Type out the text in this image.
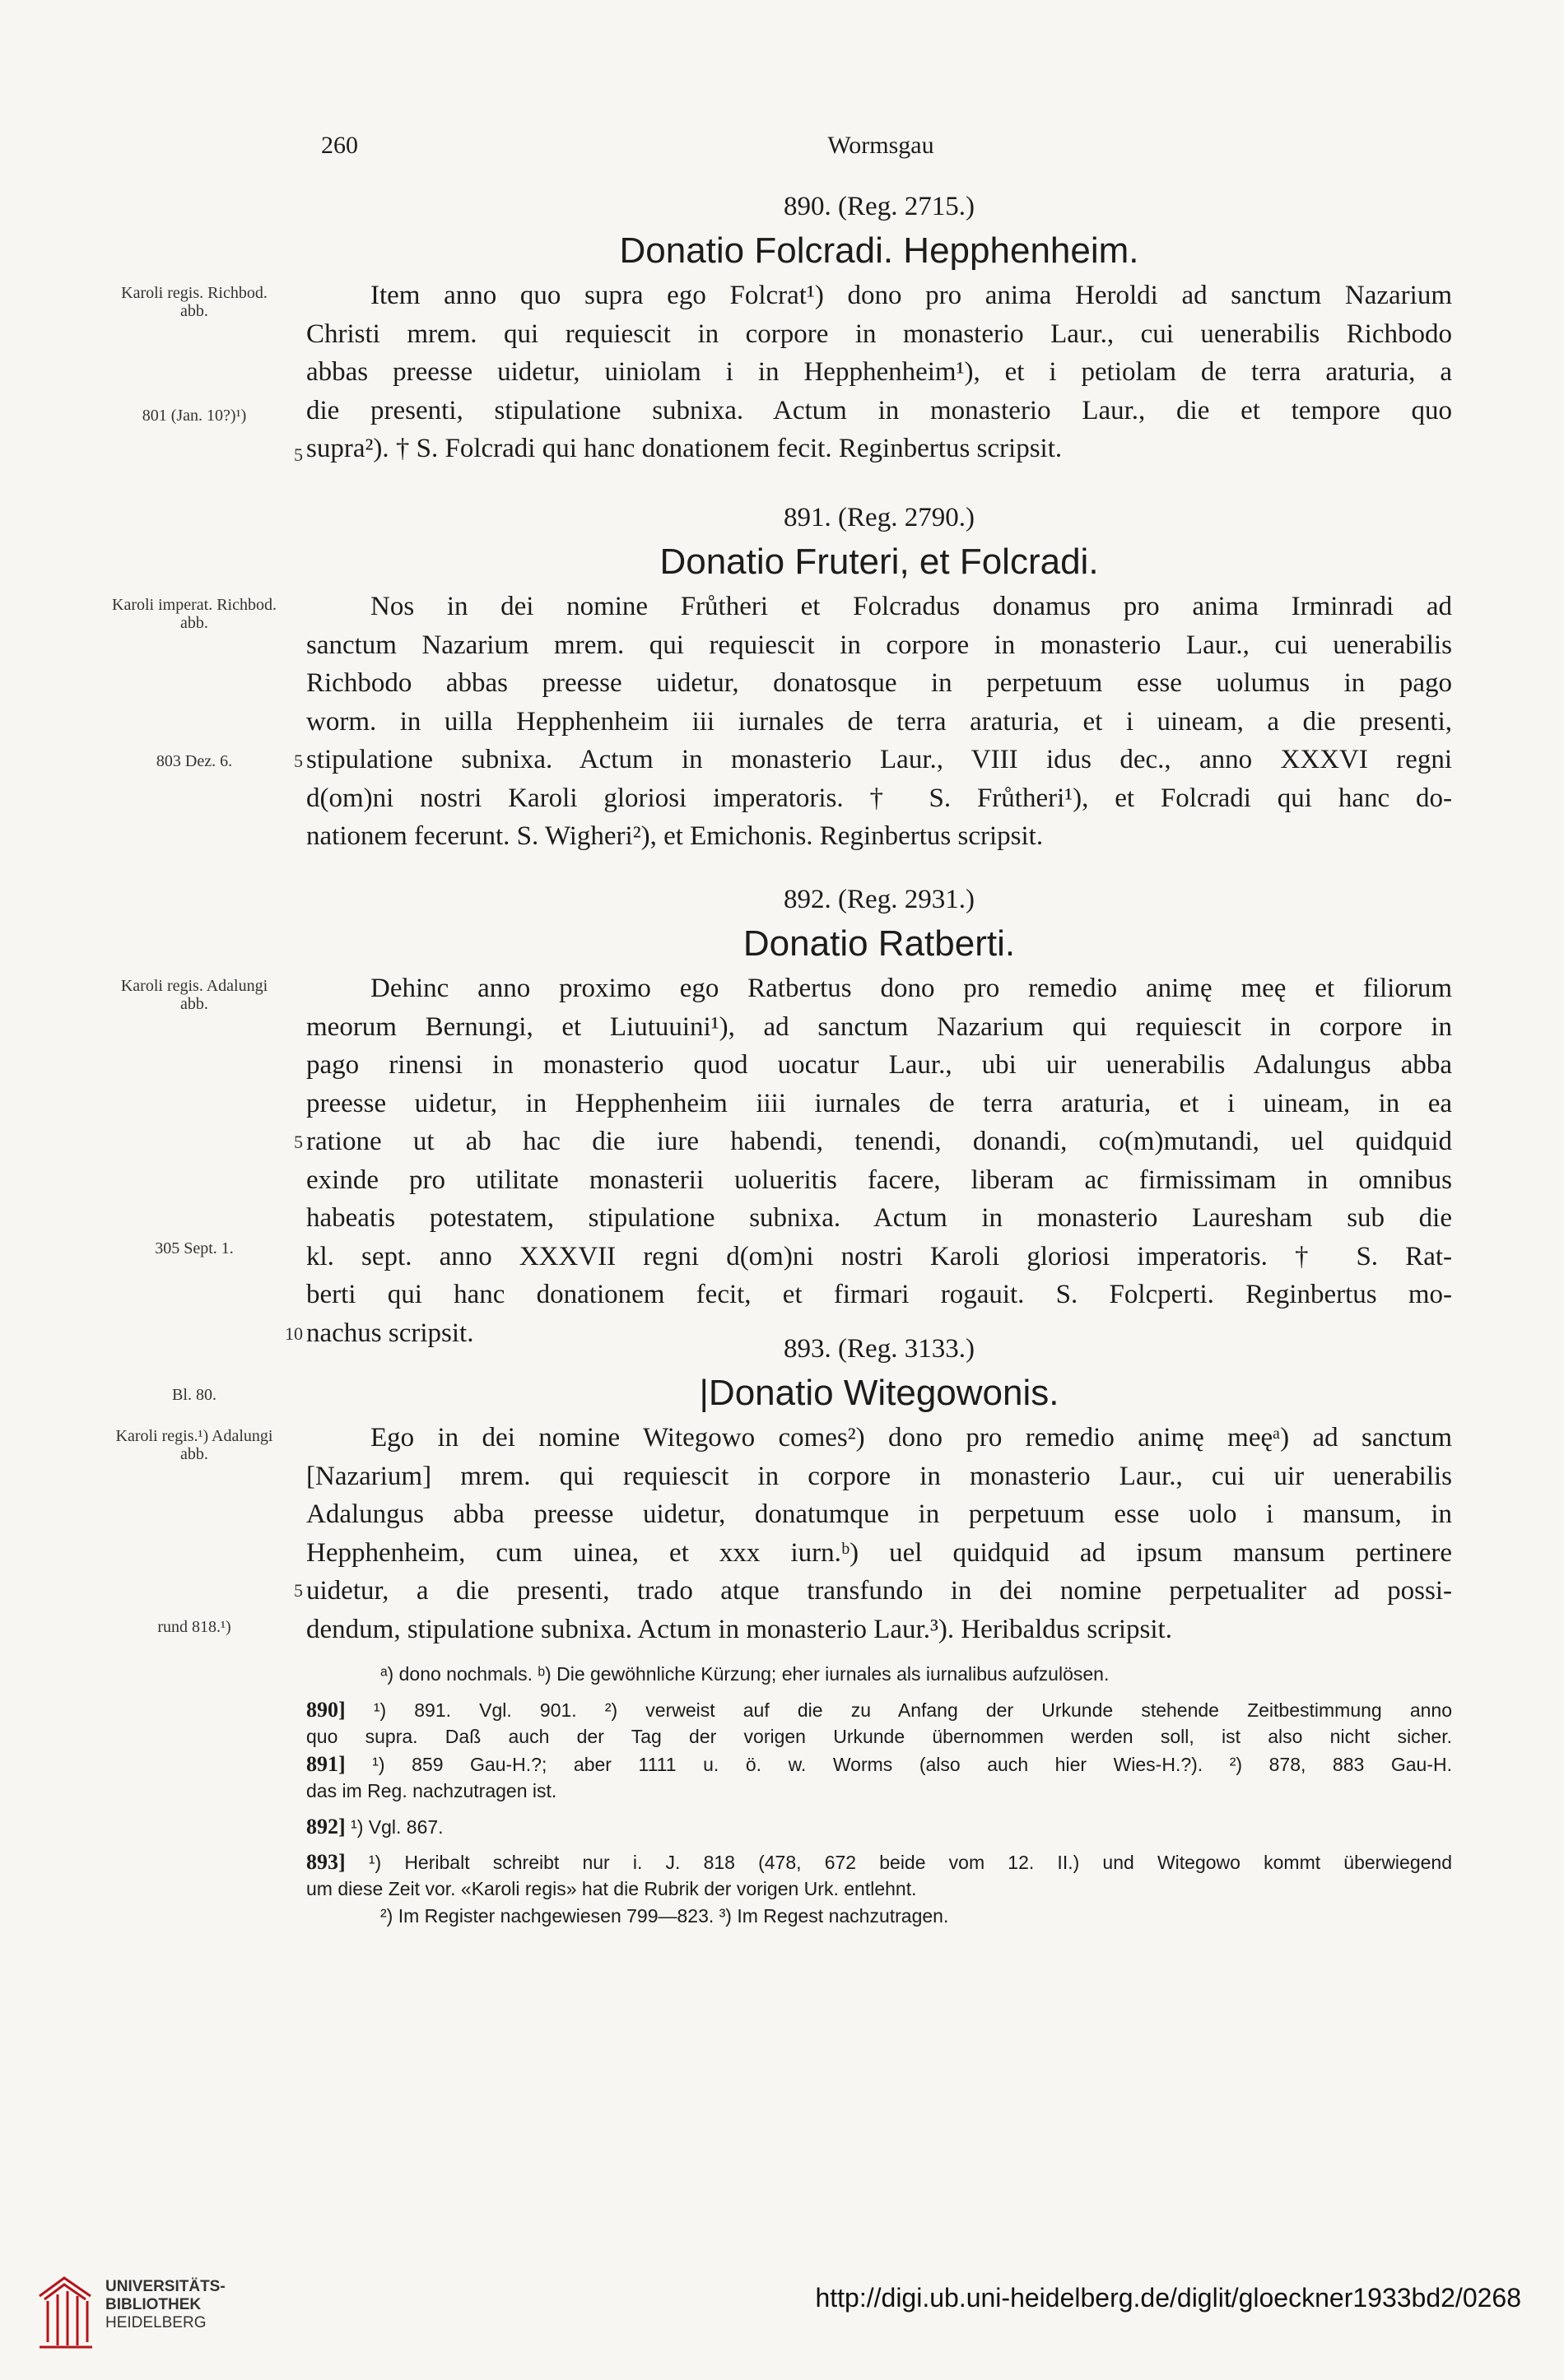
260	Wormsgau
890. (Reg. 2715.)
Donatio Folcradi. Hepphenheim.
Item anno quo supra ego Folcrat¹) dono pro anima Heroldi ad sanctum Nazarium
Christi mrem. qui requiescit in corpore in monasterio Laur., cui uenerabilis Richbodo
abbas preesse uidetur, uiniolam i in Hepphenheim¹), et i petiolam de terra araturia, a
die presenti, stipulatione subnixa. Actum in monasterio Laur., die et tempore quo
supra²). † S. Folcradi qui hanc donationem fecit. Reginbertus scripsit.
Karoli regis. Richbod. abb.
801 (Jan. 10?)¹)
5
891. (Reg. 2790.)
Donatio Fruteri, et Folcradi.
Nos in dei nomine Frůtheri et Folcradus donamus pro anima Irminradi ad
sanctum Nazarium mrem. qui requiescit in corpore in monasterio Laur., cui uenerabilis
Richbodo abbas preesse uidetur, donatosque in perpetuum esse uolumus in pago
worm. in uilla Hepphenheim iii iurnales de terra araturia, et i uineam, a die presenti,
stipulatione subnixa. Actum in monasterio Laur., VIII idus dec., anno XXXVI regni
d(om)ni nostri Karoli gloriosi imperatoris. † S. Frůtheri¹), et Folcradi qui hanc do-
nationem fecerunt. S. Wigheri²), et Emichonis. Reginbertus scripsit.
Karoli imperat. Richbod. abb.
803 Dez. 6.	5
892. (Reg. 2931.)
Donatio Ratberti.
Dehinc anno proximo ego Ratbertus dono pro remedio animę meę et filiorum
meorum Bernungi, et Liutuuini¹), ad sanctum Nazarium qui requiescit in corpore in
pago rinensi in monasterio quod uocatur Laur., ubi uir uenerabilis Adalungus abba
preesse uidetur, in Hepphenheim iiii iurnales de terra araturia, et i uineam, in ea
ratione ut ab hac die iure habendi, tenendi, donandi, co(m)mutandi, uel quidquid
exinde pro utilitate monasterii uolueritis facere, liberam ac firmissimam in omnibus
habeatis potestatem, stipulatione subnixa. Actum in monasterio Lauresham sub die
kl. sept. anno XXXVII regni d(om)ni nostri Karoli gloriosi imperatoris. † S. Rat-
berti qui hanc donationem fecit, et firmari rogauit. S. Folcperti. Reginbertus mo-
nachus scripsit.
Karoli regis. Adalungi abb.
305 Sept. 1.
5
10
893. (Reg. 3133.)
|Donatio Witegowonis.
Ego in dei nomine Witegowo comes²) dono pro remedio animę meęᵃ) ad sanctum
[Nazarium] mrem. qui requiescit in corpore in monasterio Laur., cui uir uenerabilis
Adalungus abba preesse uidetur, donatumque in perpetuum esse uolo i mansum, in
Hepphenheim, cum uinea, et xxx iurn.ᵇ) uel quidquid ad ipsum mansum pertinere
uidetur, a die presenti, trado atque transfundo in dei nomine perpetualiter ad possi-
dendum, stipulatione subnixa. Actum in monasterio Laur.³). Heribaldus scripsit.
Bl. 80.
Karoli regis.¹) Adalungi abb.
rund 818.¹)
5
ᵃ) dono nochmals. ᵇ) Die gewöhnliche Kürzung; eher iurnales als iurnalibus aufzulösen.
890] ¹) 891. Vgl. 901. ²) verweist auf die zu Anfang der Urkunde stehende Zeitbestimmung anno
quo supra. Daß auch der Tag der vorigen Urkunde übernommen werden soll, ist also nicht sicher.
891] ¹) 859 Gau-H.?; aber 1111 u. ö. w. Worms (also auch hier Wies-H.?). ²) 878, 883 Gau-H.
das im Reg. nachzutragen ist.
892] ¹) Vgl. 867.
893] ¹) Heribalt schreibt nur i. J. 818 (478, 672 beide vom 12. II.) und Witegowo kommt überwiegend
um diese Zeit vor. «Karoli regis» hat die Rubrik der vorigen Urk. entlehnt.
²) Im Register nachgewiesen 799—823. ³) Im Regest nachzutragen.
UNIVERSITÄTS-
BIBLIOTHEK
HEIDELBERG
http://digi.ub.uni-heidelberg.de/diglit/gloeckner1933bd2/0268
